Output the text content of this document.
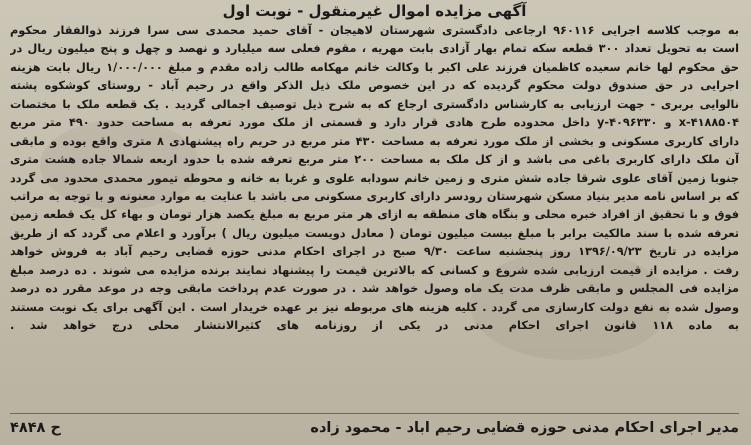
آگهی مزایده اموال غیرمنقول - نوبت اول
به موجب کلاسه اجرایی ۹۶۰۱۱۶ ارجاعی دادگستری شهرستان لاهیجان - آقای حمید محمدی سی سرا فرزند ذوالفقار محکوم
است به تحویل تعداد ۳۰۰ قطعه سکه تمام بهار آزادی بابت مهریه ، مقوم فعلی سه میلیارد و نهصد و چهل و پنج میلیون ریال در
حق محکوم لها خانم سعیده کاظمیان فرزند علی اکبر با وکالت خانم مهکامه طالب زاده مقدم و مبلغ ۱/۰۰۰/۰۰۰ ریال بابت هزینه
اجرایی در حق صندوق دولت محکوم گردیده که در این خصوص ملک ذیل الذکر واقع در رحیم آباد - روستای کوشکوه پشته
نالوایی بربری - جهت ارزیابی به کارشناس دادگستری ارجاع که به شرح ذیل توصیف اجمالی گردید . یک قطعه ملک با مختصات
x-۴۱۸۸۵۰۴ و y-۴۰۹۶۳۳۰ داخل محدوده طرح هادی قرار دارد و قسمتی از ملک مورد تعرفه به مساحت حدود ۴۹۰ متر مربع
دارای کاربری مسکونی و بخشی از ملک مورد تعرفه به مساحت ۴۳۰ متر مربع در حریم راه پیشنهادی ۸ متری واقع بوده و مابقی
آن ملک دارای کاربری باغی می باشد و از کل ملک به مساحت ۲۰۰ متر مربع تعرفه شده با حدود اربعه شمالا جاده هشت متری
جنوبا زمین آقای علوی شرقا جاده شش متری و زمین خانم سودابه علوی و غربا به خانه و محوطه تیمور محمدی محدود می گردد
که بر اساس نامه مدیر بنیاد مسکن شهرستان رودسر دارای کاربری مسکونی می باشد با عنایت به موارد معنونه و با توجه به مراتب
فوق و با تحقیق از افراد خبره محلی و بنگاه های منطقه به ازای هر متر مربع به مبلغ یکصد هزار تومان و بهاء کل یک قطعه زمین
تعرفه شده با سند مالکیت برابر با مبلغ بیست میلیون تومان ( معادل دویست میلیون ریال ) برآورد و اعلام می گردد که از طریق
مزایده در تاریخ ۱۳۹۶/۰۹/۲۳ روز پنجشنبه ساعت ۹/۳۰ صبح در اجرای احکام مدنی حوزه قضایی رحیم آباد به فروش خواهد
رفت . مزایده از قیمت ارزیابی شده شروع و کسانی که بالاترین قیمت را پیشنهاد نمایند برنده مزایده می شوند . ده درصد مبلغ
مزایده فی المجلس و مابقی ظرف مدت یک ماه وصول خواهد شد . در صورت عدم پرداخت مابقی وجه در موعد مقرر ده درصد
وصول شده به نفع دولت کارسازی می گردد . کلیه هزینه های مربوطه نیز بر عهده خریدار است . این آگهی برای یک نوبت مستند
به ماده ۱۱۸ قانون اجرای احکام مدنی در یکی از روزنامه های کثیرالانتشار محلی درج خواهد شد .
مدیر اجرای احکام مدنی حوزه قضایی رحیم اباد - محمود زاده
ح ۴۸۴۸
